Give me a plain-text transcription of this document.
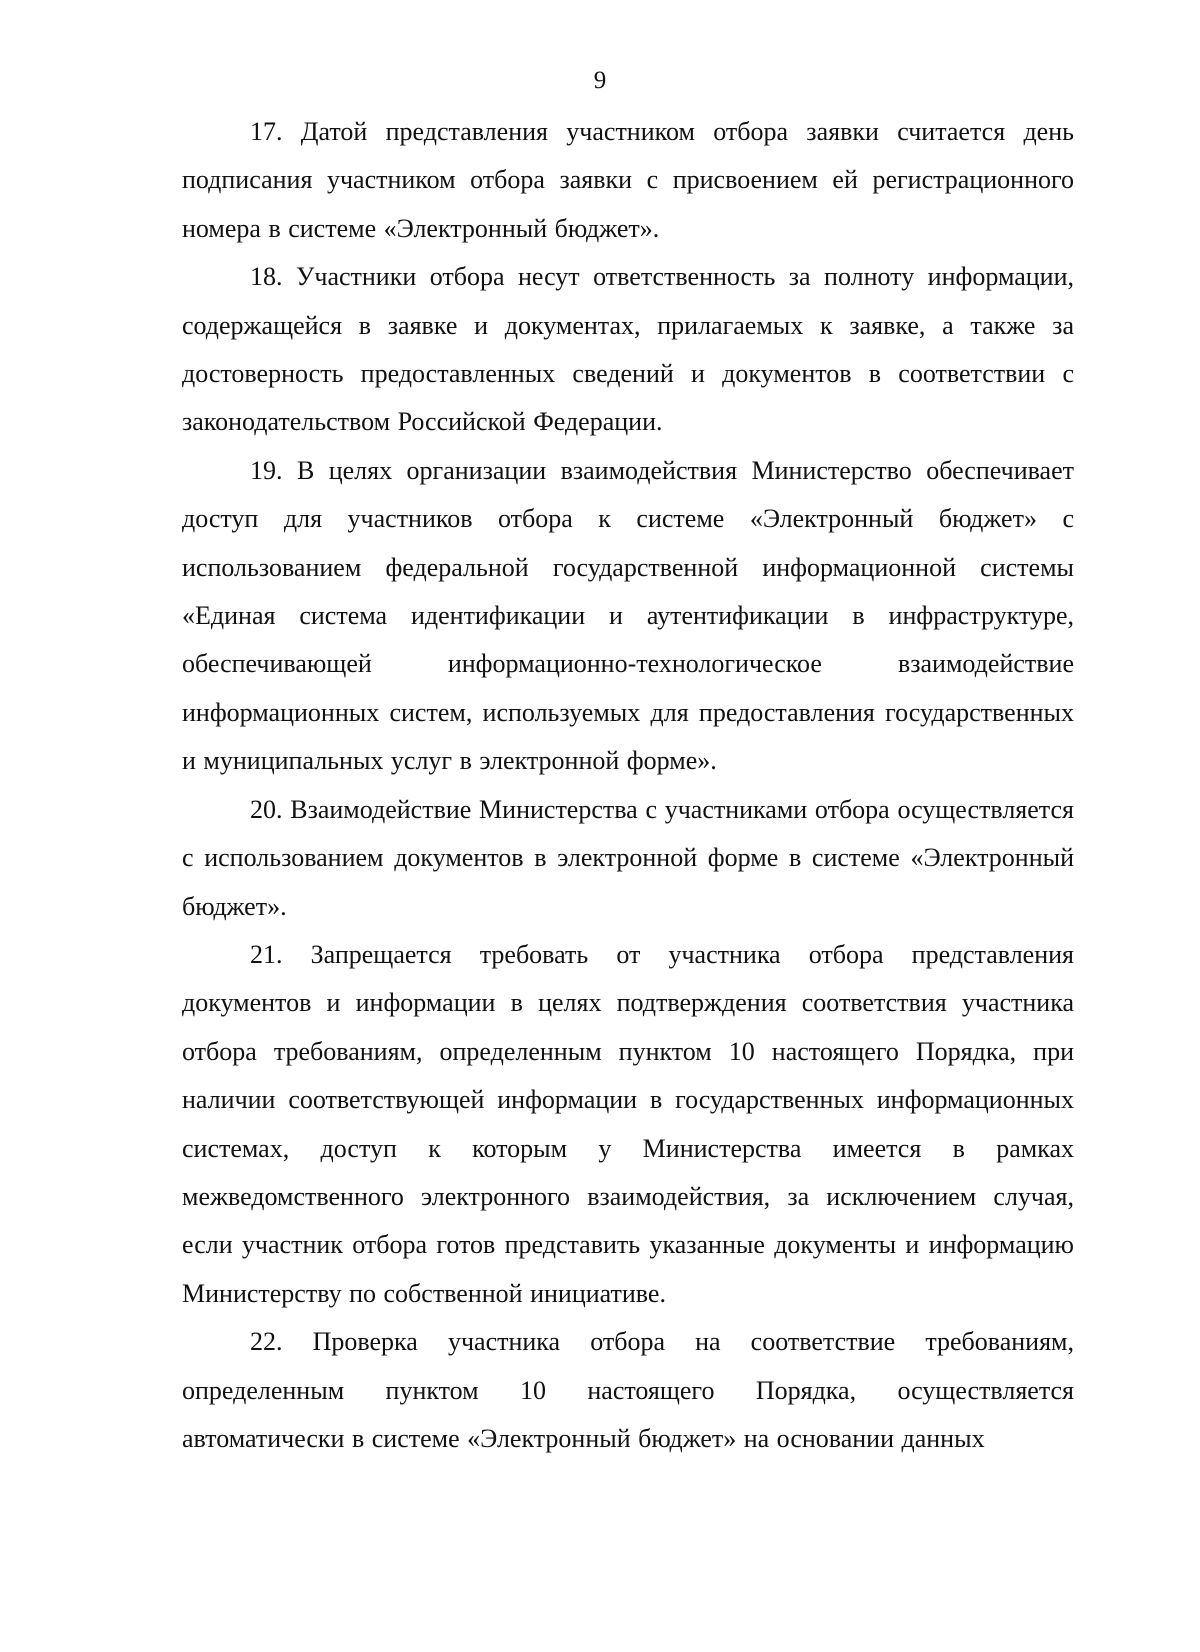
9

17. Датой представления участником отбора заявки считается день подписания участником отбора заявки с присвоением ей регистрационного номера в системе «Электронный бюджет».

18. Участники отбора несут ответственность за полноту информации, содержащейся в заявке и документах, прилагаемых к заявке, а также за достоверность предоставленных сведений и документов в соответствии с законодательством Российской Федерации.

19. В целях организации взаимодействия Министерство обеспечивает доступ для участников отбора к системе «Электронный бюджет» с использованием федеральной государственной информационной системы «Единая система идентификации и аутентификации в инфраструктуре, обеспечивающей информационно-технологическое взаимодействие информационных систем, используемых для предоставления государственных и муниципальных услуг в электронной форме».

20. Взаимодействие Министерства с участниками отбора осуществляется с использованием документов в электронной форме в системе «Электронный бюджет».

21. Запрещается требовать от участника отбора представления документов и информации в целях подтверждения соответствия участника отбора требованиям, определенным пунктом 10 настоящего Порядка, при наличии соответствующей информации в государственных информационных системах, доступ к которым у Министерства имеется в рамках межведомственного электронного взаимодействия, за исключением случая, если участник отбора готов представить указанные документы и информацию Министерству по собственной инициативе.

22. Проверка участника отбора на соответствие требованиям, определенным пунктом 10 настоящего Порядка, осуществляется автоматически в системе «Электронный бюджет» на основании данных
